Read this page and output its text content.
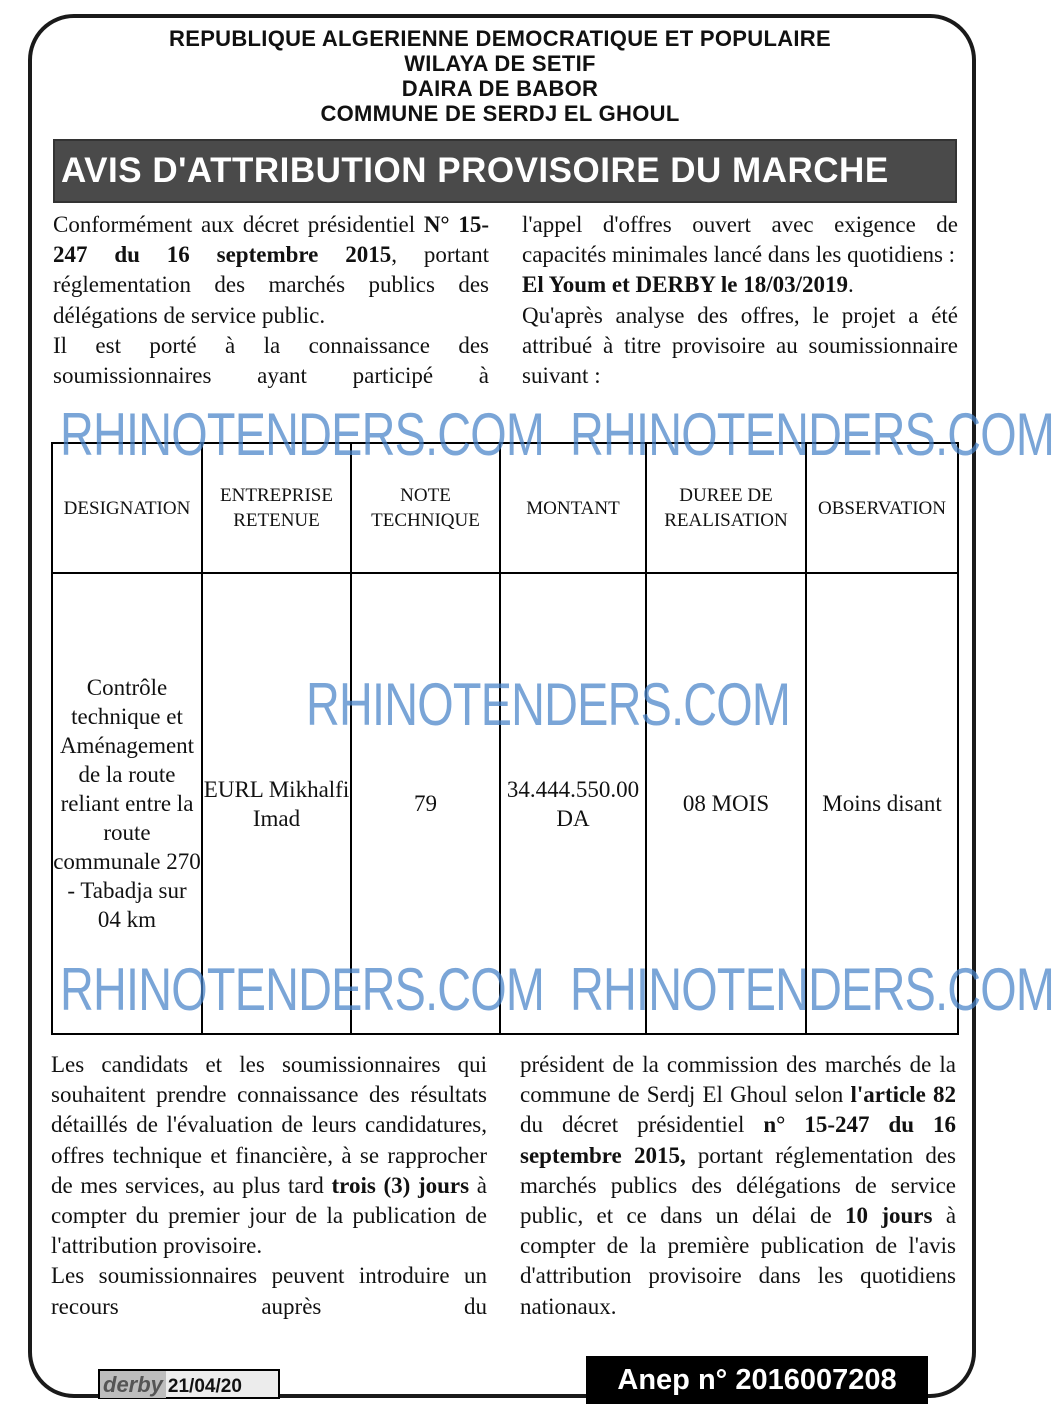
REPUBLIQUE ALGERIENNE DEMOCRATIQUE ET POPULAIRE
WILAYA DE SETIF
DAIRA DE BABOR
COMMUNE DE SERDJ EL GHOUL
AVIS D'ATTRIBUTION PROVISOIRE DU MARCHE

Conformément aux décret présidentiel N° 15-247 du 16 septembre 2015, portant réglementation des marchés publics des délégations de service public.

Il est porté à la connaissance des soumissionnaires ayant participé à

l'appel d'offres ouvert avec exigence de capacités minimales lancé dans les quotidiens :
El Youm et DERBY le 18/03/2019.

Qu'après analyse des offres, le projet a été attribué à titre provisoire au soumissionnaire suivant :

DESIGNATION	ENTREPRISE RETENUE	NOTE TECHNIQUE	MONTANT	DUREE DE REALISATION	OBSERVATION
Contrôle technique et Aménagement de la route reliant entre la route communale 270 - Tabadja sur 04 km	EURL Mikhalfi Imad	79	34.444.550.00 DA	08 MOIS	Moins disant

Les candidats et les soumissionnaires qui souhaitent prendre connaissance des résultats détaillés de l'évaluation de leurs candidatures, offres technique et financière, à se rapprocher de mes services, au plus tard trois (3) jours à compter du premier jour de la publication de l'attribution provisoire.

Les soumissionnaires peuvent introduire un recours auprès du

président de la commission des marchés de la commune de Serdj El Ghoul selon l'article 82 du décret présidentiel n° 15-247 du 16 septembre 2015, portant réglementation des marchés publics des délégations de service public, et ce dans un délai de 10 jours à compter de la première publication de l'avis d'attribution provisoire dans les quotidiens nationaux.

RHINOTENDERS.COM RHINOTENDERS.COM
RHINOTENDERS.COM
RHINOTENDERS.COM RHINOTENDERS.COM
derby 21/04/20	Anep n° 2016007208
